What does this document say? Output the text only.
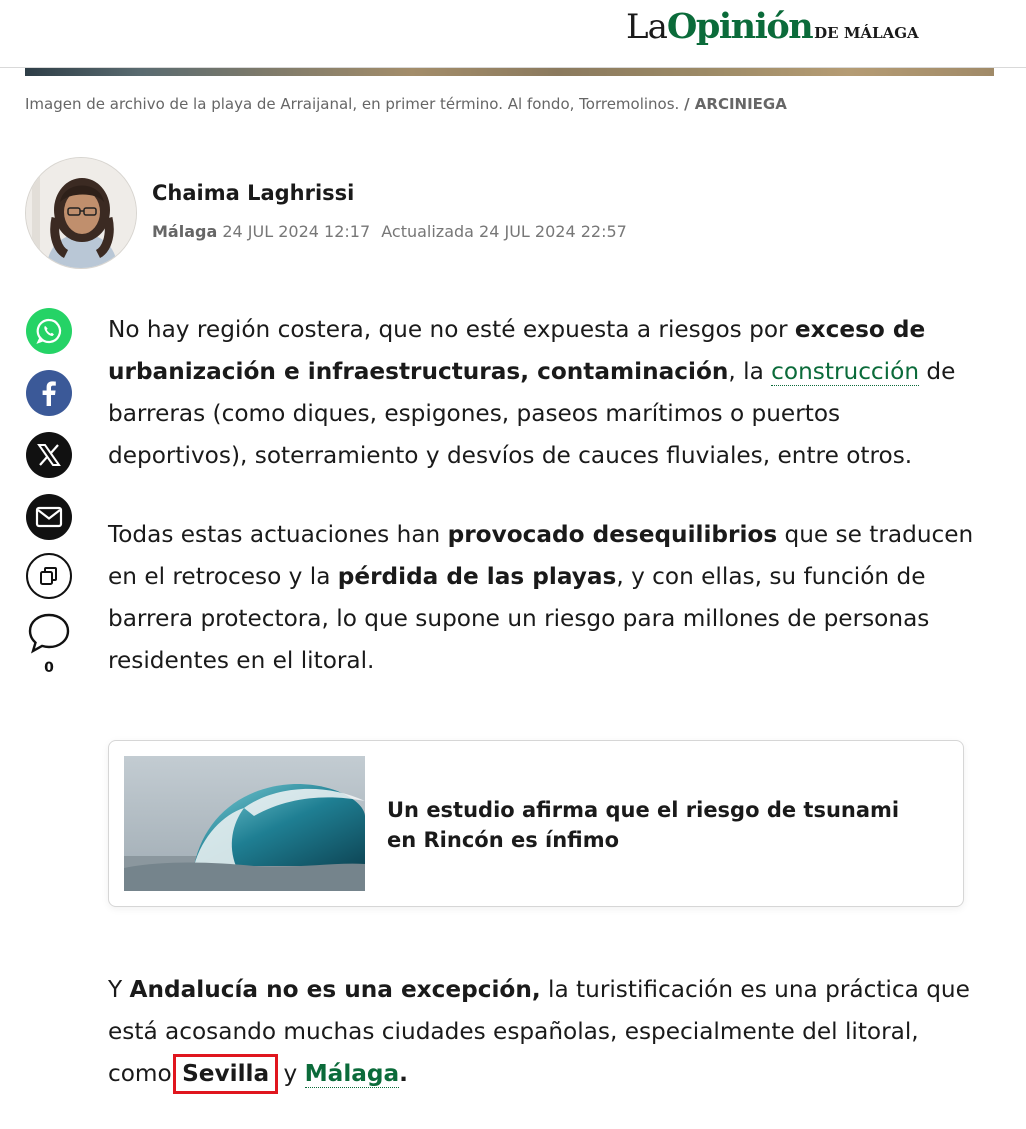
La Opinión DE MÁLAGA
Imagen de archivo de la playa de Arraijanal, en primer término. Al fondo, Torremolinos. / ARCINIEGA
Chaima Laghrissi
Málaga 24 JUL 2024 12:17 Actualizada 24 JUL 2024 22:57
0
No hay región costera, que no esté expuesta a riesgos por exceso de urbanización e infraestructuras, contaminación, la construcción de barreras (como diques, espigones, paseos marítimos o puertos deportivos), soterramiento y desvíos de cauces fluviales, entre otros.
Todas estas actuaciones han provocado desequilibrios que se traducen en el retroceso y la pérdida de las playas, y con ellas, su función de barrera protectora, lo que supone un riesgo para millones de personas residentes en el litoral.
Un estudio afirma que el riesgo de tsunami en Rincón es ínfimo
Y Andalucía no es una excepción, la turistificación es una práctica que está acosando muchas ciudades españolas, especialmente del litoral, como Sevilla y Málaga.
